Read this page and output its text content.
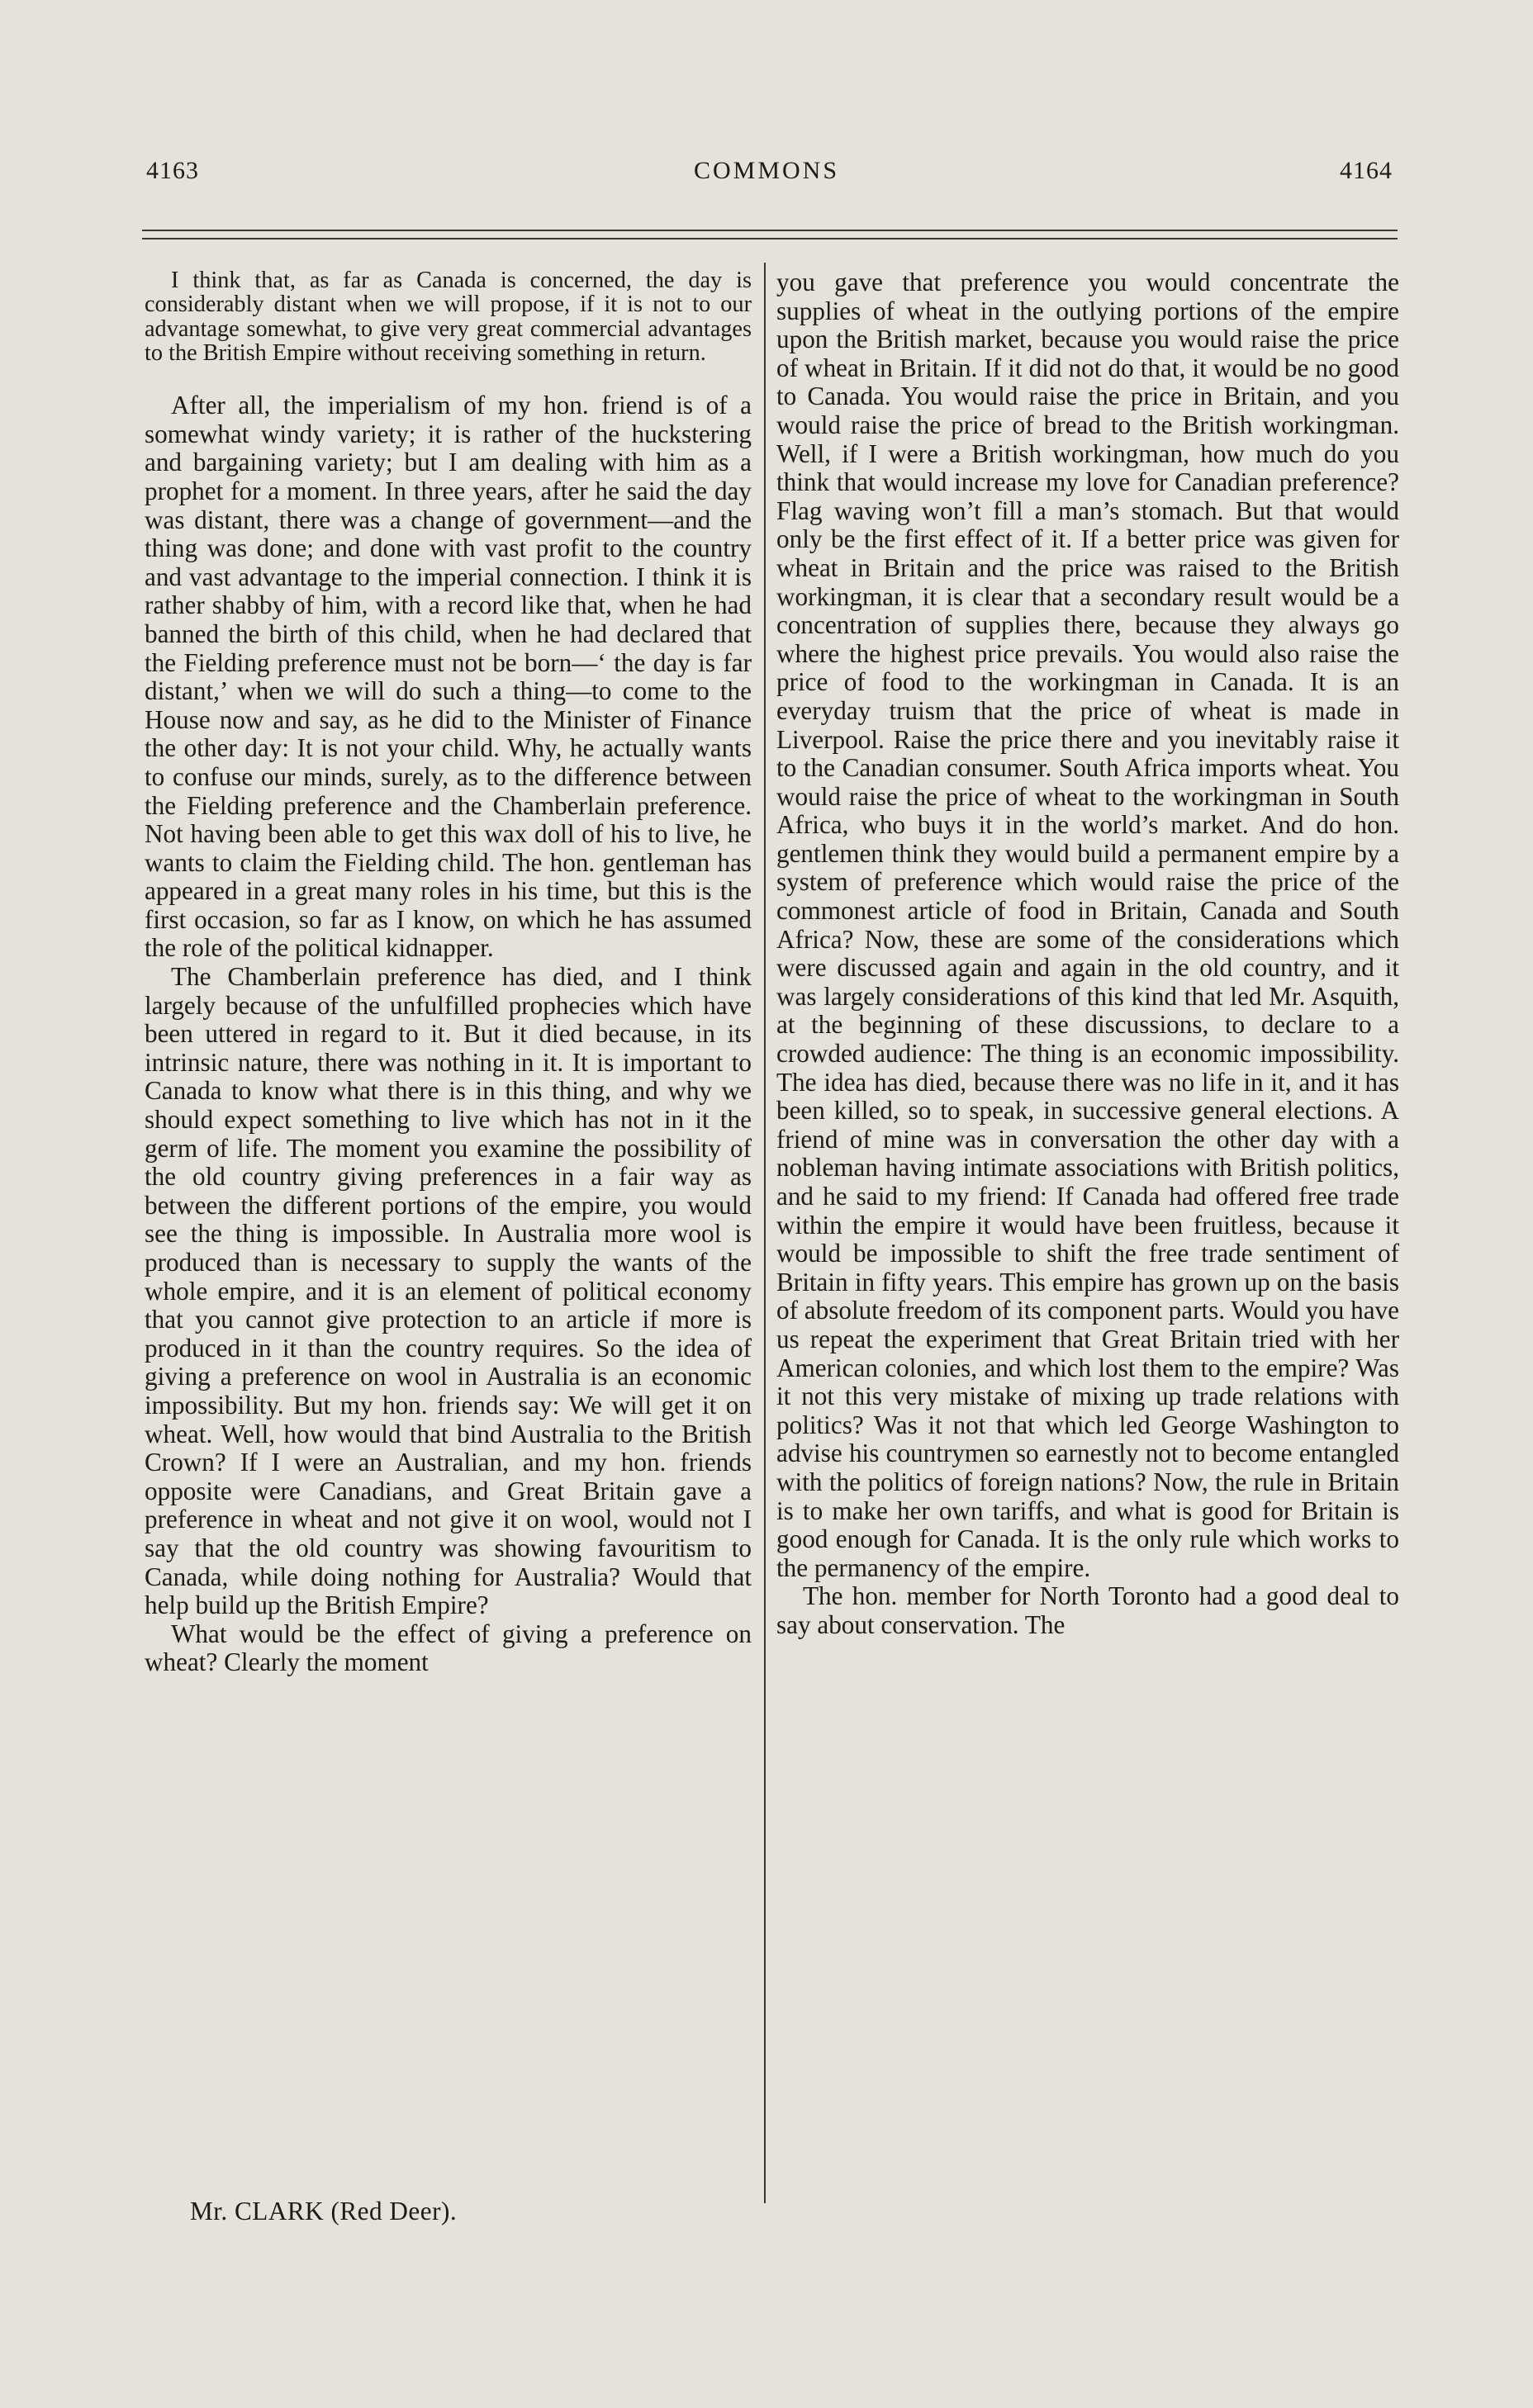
4163	COMMONS	4164

I think that, as far as Canada is concerned, the day is considerably distant when we will propose, if it is not to our advantage somewhat, to give very great commercial advantages to the British Empire without receiving something in return.

After all, the imperialism of my hon. friend is of a somewhat windy variety; it is rather of the huckstering and bargaining variety; but I am dealing with him as a prophet for a moment. In three years, after he said the day was distant, there was a change of government—and the thing was done; and done with vast profit to the country and vast advantage to the imperial connection. I think it is rather shabby of him, with a record like that, when he had banned the birth of this child, when he had declared that the Fielding preference must not be born—‘ the day is far distant,’ when we will do such a thing—to come to the House now and say, as he did to the Minister of Finance the other day: It is not your child. Why, he actually wants to confuse our minds, surely, as to the difference between the Fielding preference and the Chamberlain preference. Not having been able to get this wax doll of his to live, he wants to claim the Fielding child. The hon. gentleman has appeared in a great many roles in his time, but this is the first occasion, so far as I know, on which he has assumed the role of the political kidnapper.

The Chamberlain preference has died, and I think largely because of the unfulfilled prophecies which have been uttered in regard to it. But it died because, in its intrinsic nature, there was nothing in it. It is important to Canada to know what there is in this thing, and why we should expect something to live which has not in it the germ of life. The moment you examine the possibility of the old country giving preferences in a fair way as between the different portions of the empire, you would see the thing is impossible. In Australia more wool is produced than is necessary to supply the wants of the whole empire, and it is an element of political economy that you cannot give protection to an article if more is produced in it than the country requires. So the idea of giving a preference on wool in Australia is an economic impossibility. But my hon. friends say: We will get it on wheat. Well, how would that bind Australia to the British Crown? If I were an Australian, and my hon. friends opposite were Canadians, and Great Britain gave a preference in wheat and not give it on wool, would not I say that the old country was showing favouritism to Canada, while doing nothing for Australia? Would that help build up the British Empire?

What would be the effect of giving a preference on wheat? Clearly the moment

you gave that preference you would concentrate the supplies of wheat in the outlying portions of the empire upon the British market, because you would raise the price of wheat in Britain. If it did not do that, it would be no good to Canada. You would raise the price in Britain, and you would raise the price of bread to the British workingman. Well, if I were a British workingman, how much do you think that would increase my love for Canadian preference? Flag waving won’t fill a man’s stomach. But that would only be the first effect of it. If a better price was given for wheat in Britain and the price was raised to the British workingman, it is clear that a secondary result would be a concentration of supplies there, because they always go where the highest price prevails. You would also raise the price of food to the workingman in Canada. It is an everyday truism that the price of wheat is made in Liverpool. Raise the price there and you inevitably raise it to the Canadian consumer. South Africa imports wheat. You would raise the price of wheat to the workingman in South Africa, who buys it in the world’s market. And do hon. gentlemen think they would build a permanent empire by a system of preference which would raise the price of the commonest article of food in Britain, Canada and South Africa? Now, these are some of the considerations which were discussed again and again in the old country, and it was largely considerations of this kind that led Mr. Asquith, at the beginning of these discussions, to declare to a crowded audience: The thing is an economic impossibility. The idea has died, because there was no life in it, and it has been killed, so to speak, in successive general elections. A friend of mine was in conversation the other day with a nobleman having intimate associations with British politics, and he said to my friend: If Canada had offered free trade within the empire it would have been fruitless, because it would be impossible to shift the free trade sentiment of Britain in fifty years. This empire has grown up on the basis of absolute freedom of its component parts. Would you have us repeat the experiment that Great Britain tried with her American colonies, and which lost them to the empire? Was it not this very mistake of mixing up trade relations with politics? Was it not that which led George Washington to advise his countrymen so earnestly not to become entangled with the politics of foreign nations? Now, the rule in Britain is to make her own tariffs, and what is good for Britain is good enough for Canada. It is the only rule which works to the permanency of the empire.

The hon. member for North Toronto had a good deal to say about conservation. The

Mr. CLARK (Red Deer).
